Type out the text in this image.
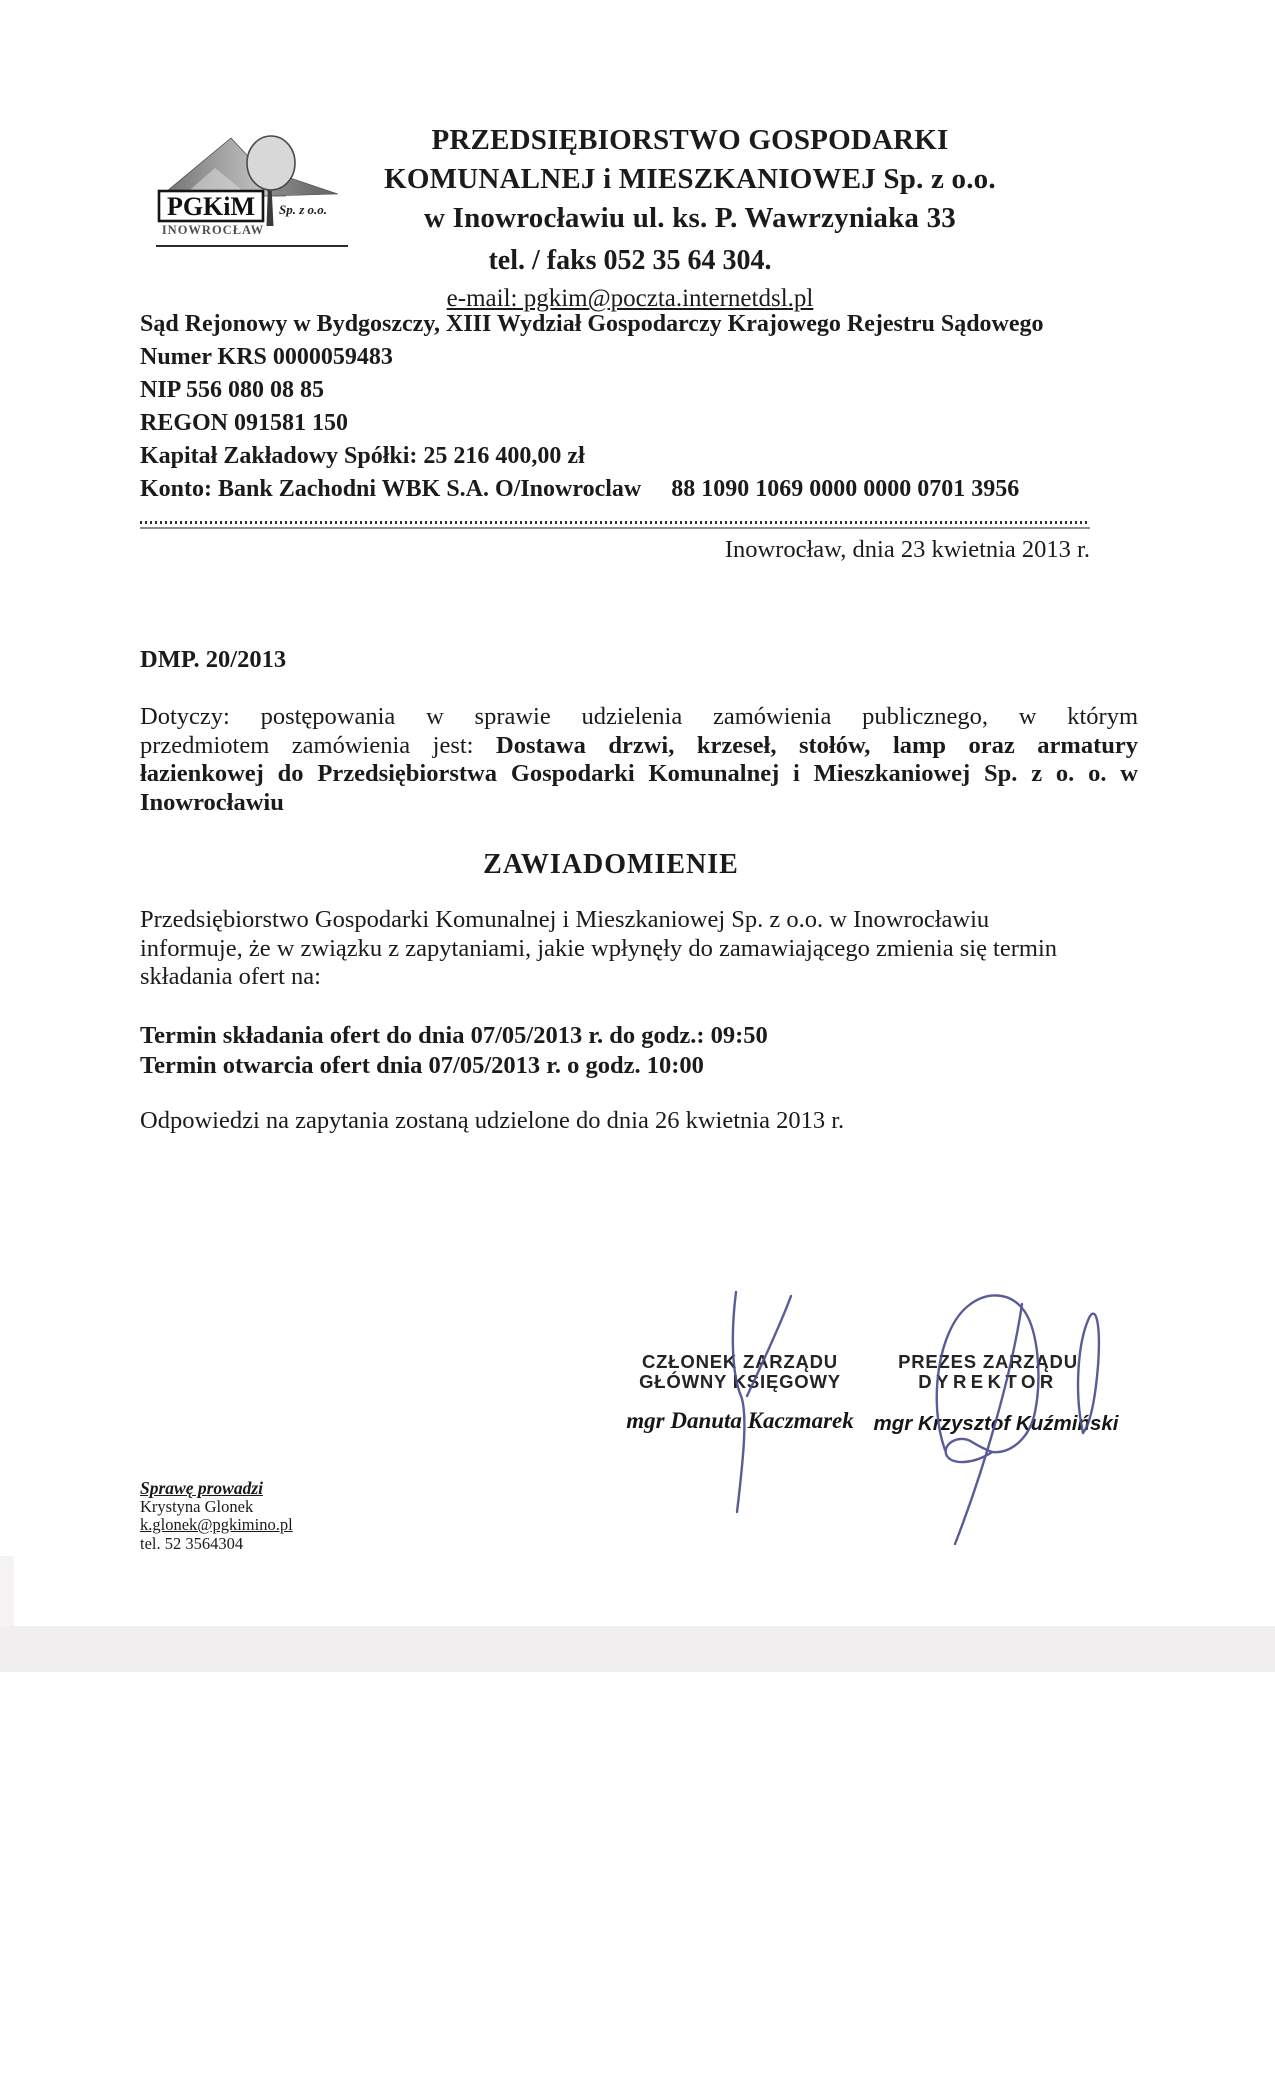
PGKiM Sp. z o.o.
INOWROCŁAW
PRZEDSIĘBIORSTWO GOSPODARKI
KOMUNALNEJ i MIESZKANIOWEJ Sp. z o.o.
w Inowrocławiu ul. ks. P. Wawrzyniaka 33
tel. / faks 052 35 64 304.
e-mail: pgkim@poczta.internetdsl.pl
Sąd Rejonowy w Bydgoszczy, XIII Wydział Gospodarczy Krajowego Rejestru Sądowego
Numer KRS 0000059483
NIP 556 080 08 85
REGON 091581 150
Kapitał Zakładowy Spółki: 25 216 400,00 zł
Konto: Bank Zachodni WBK S.A. O/Inowroclaw 88 1090 1069 0000 0000 0701 3956
Inowrocław, dnia 23 kwietnia 2013 r.
DMP. 20/2013
Dotyczy: postępowania w sprawie udzielenia zamówienia publicznego, w którym
przedmiotem zamówienia jest: Dostawa drzwi, krzeseł, stołów, lamp oraz armatury
łazienkowej do Przedsiębiorstwa Gospodarki Komunalnej i Mieszkaniowej Sp. z o. o. w
Inowrocławiu
ZAWIADOMIENIE
Przedsiębiorstwo Gospodarki Komunalnej i Mieszkaniowej Sp. z o.o. w Inowrocławiu
informuje, że w związku z zapytaniami, jakie wpłynęły do zamawiającego zmienia się termin
składania ofert na:
Termin składania ofert do dnia 07/05/2013 r. do godz.: 09:50
Termin otwarcia ofert dnia 07/05/2013 r. o godz. 10:00
Odpowiedzi na zapytania zostaną udzielone do dnia 26 kwietnia 2013 r.
CZŁONEK ZARZĄDU
GŁÓWNY KSIĘGOWY
mgr Danuta Kaczmarek
PREZES ZARZĄDU
DYREKTOR
mgr Krzysztof Kuźmiński
Sprawę prowadzi
Krystyna Glonek
k.glonek@pgkimino.pl
tel. 52 3564304
